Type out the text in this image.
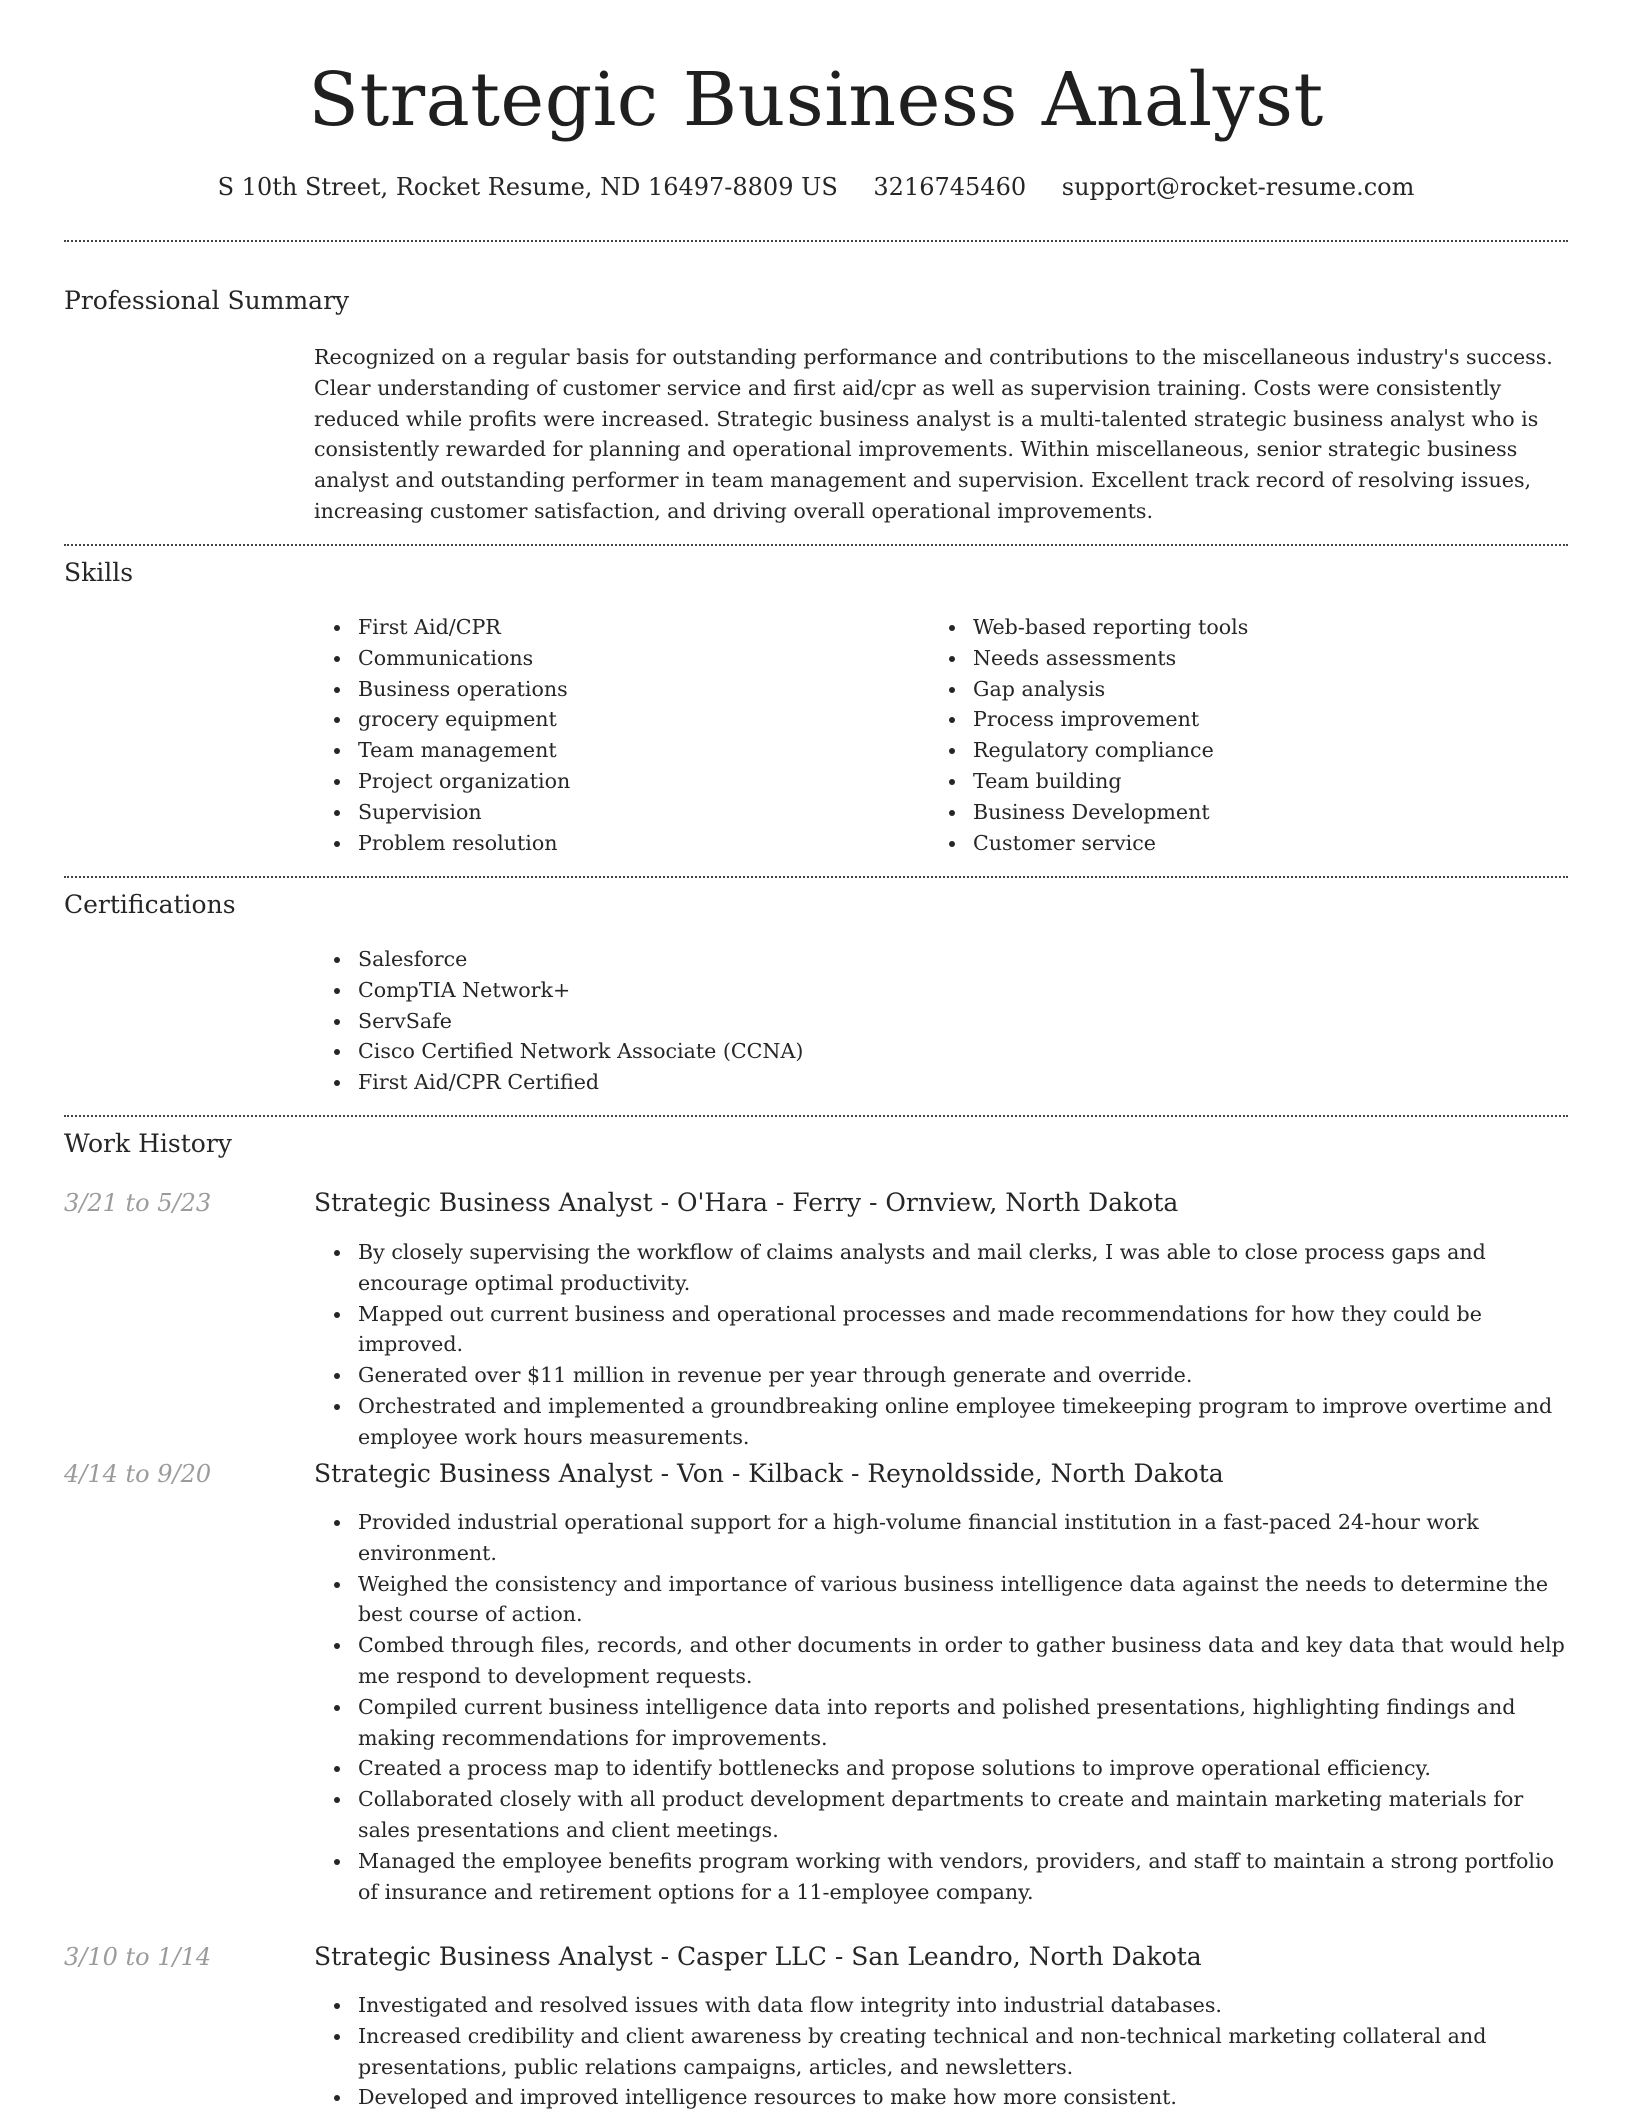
Strategic Business Analyst
S 10th Street, Rocket Resume, ND 16497-8809 US 3216745460 support@rocket-resume.com
Professional Summary

Recognized on a regular basis for outstanding performance and contributions to the miscellaneous industry's success. Clear understanding of customer service and first aid/cpr as well as supervision training. Costs were consistently reduced while profits were increased. Strategic business analyst is a multi-talented strategic business analyst who is consistently rewarded for planning and operational improvements. Within miscellaneous, senior strategic business analyst and outstanding performer in team management and supervision. Excellent track record of resolving issues, increasing customer satisfaction, and driving overall operational improvements.

Skills
First Aid/CPR
Communications
Business operations
grocery equipment
Team management
Project organization
Supervision
Problem resolution
Web-based reporting tools
Needs assessments
Gap analysis
Process improvement
Regulatory compliance
Team building
Business Development
Customer service
Certifications
Salesforce
CompTIA Network+
ServSafe
Cisco Certified Network Associate (CCNA)
First Aid/CPR Certified
Work History
3/21 to 5/23	Strategic Business Analyst - O'Hara - Ferry - Ornview, North Dakota
By closely supervising the workflow of claims analysts and mail clerks, I was able to close process gaps and encourage optimal productivity.
Mapped out current business and operational processes and made recommendations for how they could be improved.
Generated over $11 million in revenue per year through generate and override.
Orchestrated and implemented a groundbreaking online employee timekeeping program to improve overtime and employee work hours measurements.
4/14 to 9/20	Strategic Business Analyst - Von - Kilback - Reynoldsside, North Dakota
Provided industrial operational support for a high-volume financial institution in a fast-paced 24-hour work environment.
Weighed the consistency and importance of various business intelligence data against the needs to determine the best course of action.
Combed through files, records, and other documents in order to gather business data and key data that would help me respond to development requests.
Compiled current business intelligence data into reports and polished presentations, highlighting findings and making recommendations for improvements.
Created a process map to identify bottlenecks and propose solutions to improve operational efficiency.
Collaborated closely with all product development departments to create and maintain marketing materials for sales presentations and client meetings.
Managed the employee benefits program working with vendors, providers, and staff to maintain a strong portfolio of insurance and retirement options for a 11-employee company.
3/10 to 1/14	Strategic Business Analyst - Casper LLC - San Leandro, North Dakota
Investigated and resolved issues with data flow integrity into industrial databases.
Increased credibility and client awareness by creating technical and non-technical marketing collateral and presentations, public relations campaigns, articles, and newsletters.
Developed and improved intelligence resources to make how more consistent.
